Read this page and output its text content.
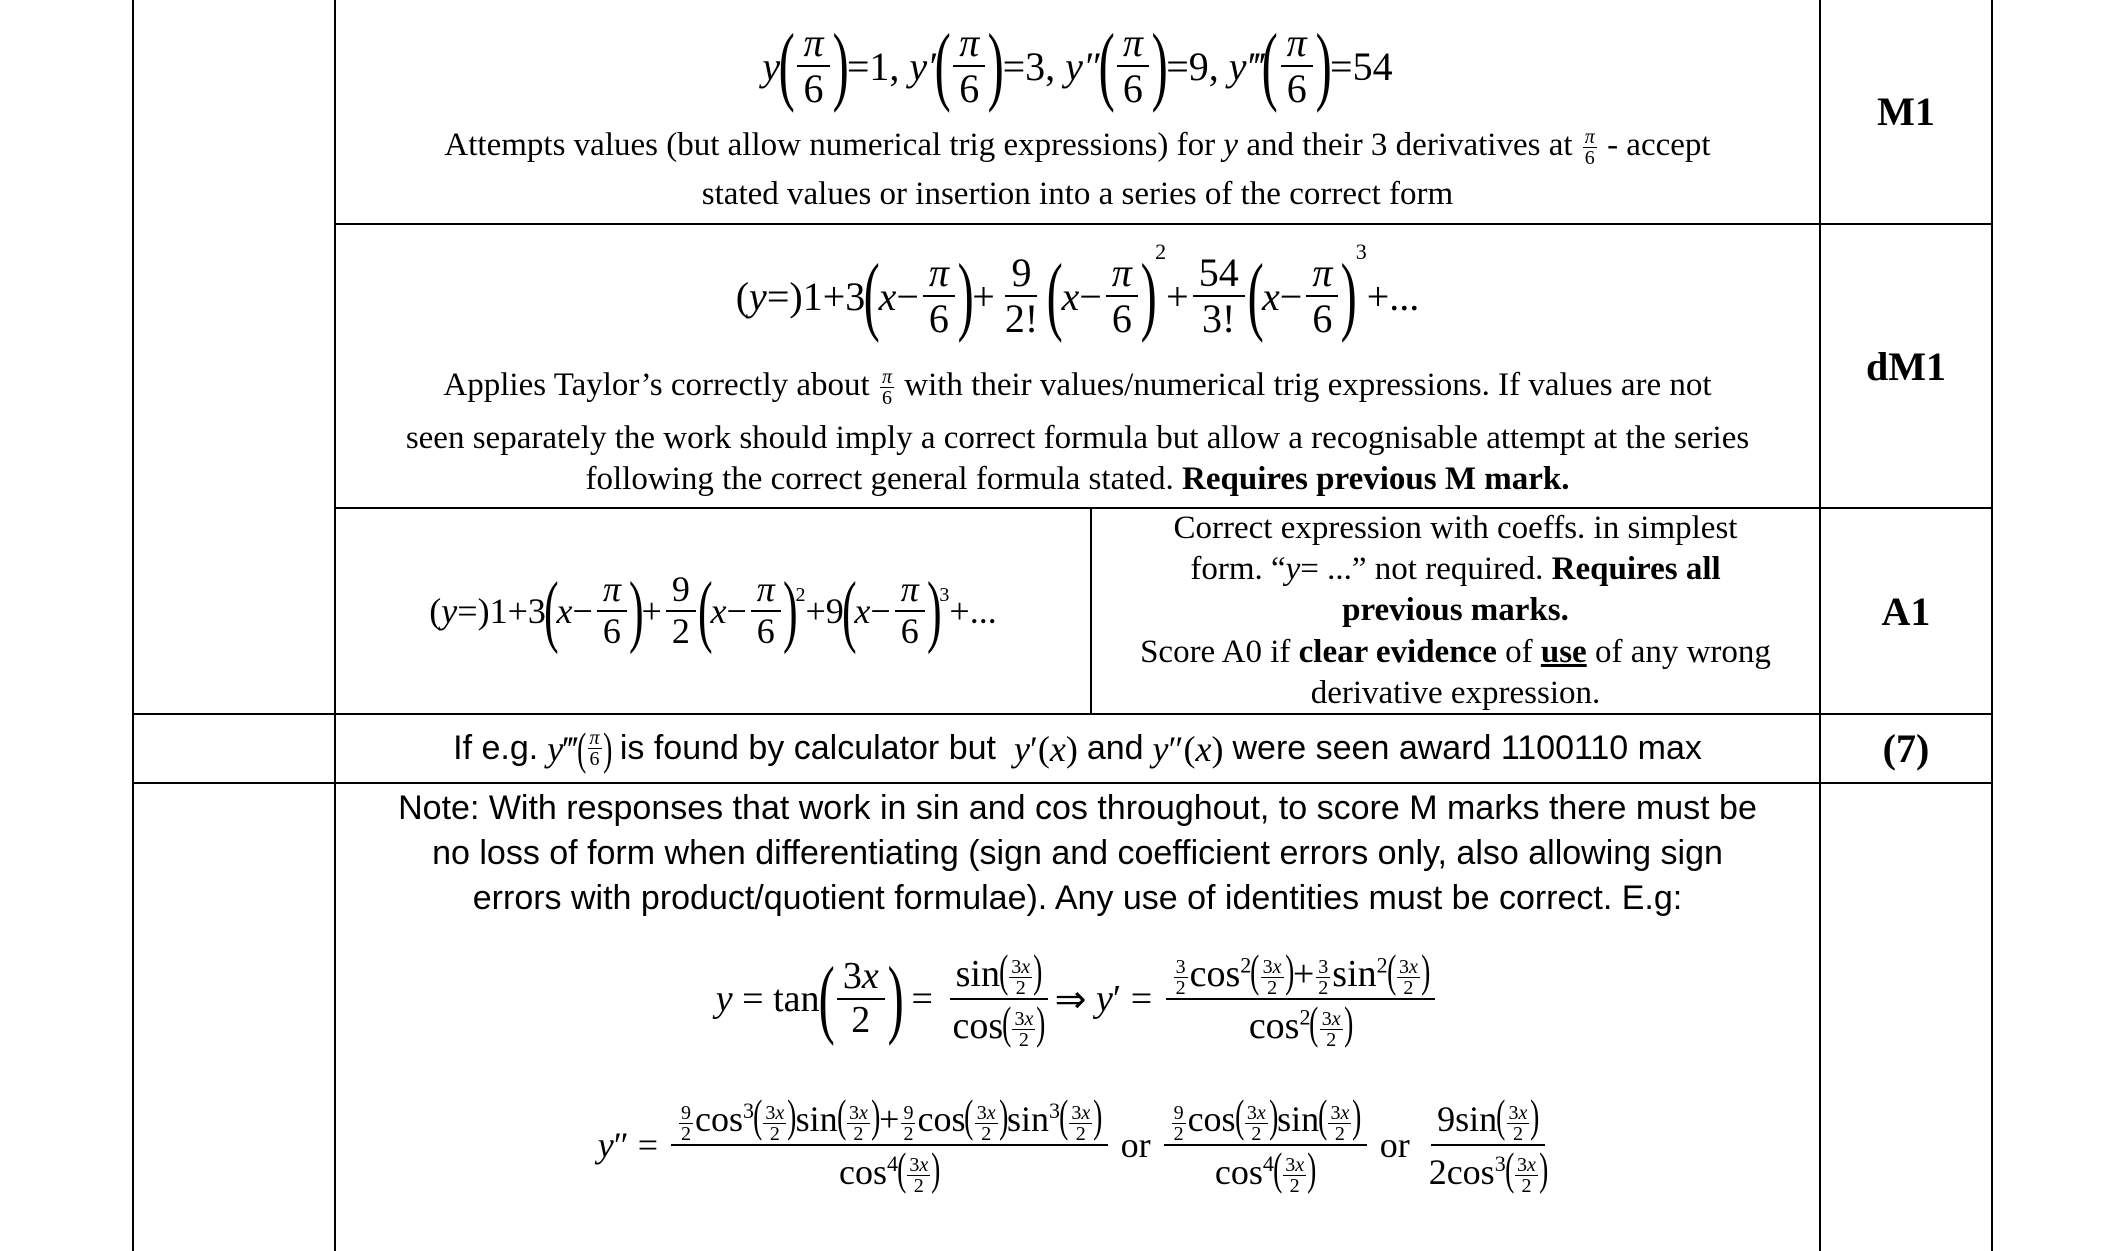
y
( $\frac{\pi}{6}$ )
= 1 , y′
( $\frac{\pi}{6}$ )
= 3 , y″
( $\frac{\pi}{6}$ )
= 9 , y‴
( $\frac{\pi}{6}$ )
= 54
Attempts values (but allow numerical trig expressions) for y and their 3 derivatives at $\frac{\pi}{6}$ - accept
stated values or insertion into a series of the correct form
M1
( y =) 1 + 3
(
$x - \frac{\pi}{6}$ )
+ $\frac{9}{2!}$ (
$x - \frac{\pi}{6}$ )
2
+ $\frac{54}{3!}$ (
$x - \frac{\pi}{6}$ )
3
+...
Applies Taylor’s correctly about $\frac{\pi}{6}$ with their values/numerical trig expressions. If values are not
seen separately the work should imply a correct formula but allow a recognisable attempt at the series
following the correct general formula stated. Requires previous M mark.
dM1
( y =) 1 + 3
(
$x - \frac{\pi}{6}$ )
+ $\frac{9}{2}$ (
$x - \frac{\pi}{6}$ )
2 + 9
(
$x - \frac{\pi}{6}$ )
3 +...
Correct expression with coeffs. in simplest
form. “y= ...” not required. Requires all
previous marks.
Score A0 if clear evidence of use of any wrong
derivative expression.
A1
If e.g.
y ‴ ( $\frac{\pi}{6}$ )
is found by calculator but
y ′( x ) and
y ″( x ) were seen award 1100110 max	(7)
Note: With responses that work in sin and cos throughout, to score M marks there must be
no loss of form when differentiating (sign and coefficient errors only, also allowing sign
errors with product/quotient formulae). Any use of identities must be correct. E.g:
y = tan
( $\frac{3x}{2}$ )
= $\frac{\sin( \frac{3x}{2} )}{\cos( \frac{3x}{2} )}$ ⇒ y ′ = $\frac{\frac{3}{2} \cos^2( \frac{3x}{2} )+ \frac{3}{2} \sin^2( \frac{3x}{2} )}{\cos^2( \frac{3x}{2} )}$
y ″ = $\frac{\frac{9}{2} \cos^3( \frac{3x}{2} )\sin( \frac{3x}{2} )+ \frac{9}{2} \cos( \frac{3x}{2} )\sin^3( \frac{3x}{2} )}{\cos^4( \frac{3x}{2} )}$
or
$\frac{\frac{9}{2} \cos( \frac{3x}{2} )\sin( \frac{3x}{2} )}{\cos^4( \frac{3x}{2} )}$
or
$\frac{9\sin( \frac{3x}{2} )}{2\cos^3( \frac{3x}{2} )}$
